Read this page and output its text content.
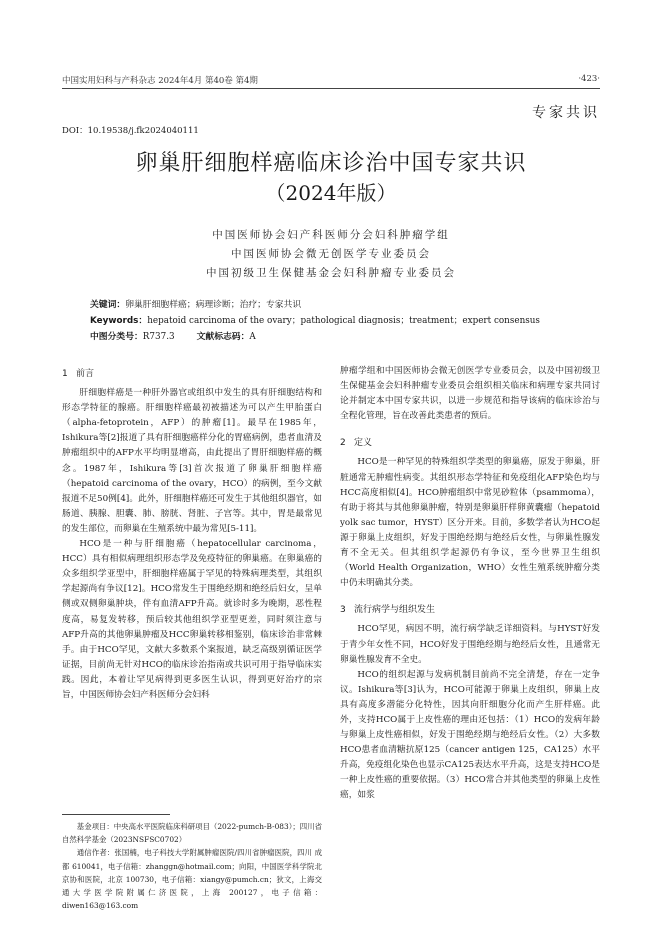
中国实用妇科与产科杂志 2024年4月 第40卷 第4期	·423·
专家共识
DOI：10.19538/j.fk2024040111
卵巢肝细胞样癌临床诊治中国专家共识
（2024年版）
中国医师协会妇产科医师分会妇科肿瘤学组
中国医师协会微无创医学专业委员会
中国初级卫生保健基金会妇科肿瘤专业委员会
关键词：卵巢肝细胞样癌；病理诊断；治疗；专家共识
Keywords：hepatoid carcinoma of the ovary；pathological diagnosis；treatment；expert consensus
中图分类号：R737.3	文献标志码：A
1 前言

肝细胞样癌是一种肝外器官或组织中发生的具有肝细胞结构和形态学特征的腺癌。肝细胞样癌最初被描述为可以产生甲胎蛋白（alpha-fetoprotein，AFP）的肿瘤[1]。最早在1985年，Ishikura等[2]报道了具有肝细胞癌样分化的胃癌病例，患者血清及肿瘤组织中的AFP水平均明显增高，由此提出了胃肝细胞样癌的概念。1987年，Ishikura等[3]首次报道了卵巢肝细胞样癌（hepatoid carcinoma of the ovary，HCO）的病例，至今文献报道不足50例[4]。此外，肝细胞样癌还可发生于其他组织器官，如肠道、胰腺、胆囊、肺、膀胱、肾脏、子宫等。其中，胃是最常见的发生部位，而卵巢在生殖系统中最为常见[5-11]。

HCO是一种与肝细胞癌（hepatocellular carcinoma，HCC）具有相似病理组织形态学及免疫特征的卵巢癌。在卵巢癌的众多组织学亚型中，肝细胞样癌属于罕见的特殊病理类型，其组织学起源尚有争议[12]。HCO常发生于围绝经期和绝经后妇女，呈单侧或双侧卵巢肿块，伴有血清AFP升高。就诊时多为晚期，恶性程度高，易复发转移，预后较其他组织学亚型更差，同时须注意与AFP升高的其他卵巢肿瘤及HCC卵巢转移相鉴别，临床诊治非常棘手。由于HCO罕见，文献大多数系个案报道，缺乏高级别循证医学证据，目前尚无针对HCO的临床诊治指南或共识可用于指导临床实践。因此，本着让罕见病得到更多医生认识，得到更好治疗的宗旨，中国医师协会妇产科医师分会妇科

肿瘤学组和中国医师协会微无创医学专业委员会，以及中国初级卫生保健基金会妇科肿瘤专业委员会组织相关临床和病理专家共同讨论并制定本中国专家共识，以进一步规范和指导该病的临床诊治与全程化管理，旨在改善此类患者的预后。

2 定义

HCO是一种罕见的特殊组织学类型的卵巢癌，原发于卵巢，肝脏通常无肿瘤性病变。其组织形态学特征和免疫组化AFP染色均与HCC高度相似[4]。HCO肿瘤组织中常见砂粒体（psammoma），有助于将其与其他卵巢肿瘤，特别是卵巢肝样卵黄囊瘤（hepatoid yolk sac tumor，HYST）区分开来。目前，多数学者认为HCO起源于卵巢上皮组织，好发于围绝经期与绝经后女性，与卵巢性腺发育不全无关。但其组织学起源仍有争议，至今世界卫生组织（World Health Organization，WHO）女性生殖系统肿瘤分类中仍未明确其分类。

3 流行病学与组织发生

HCO罕见，病因不明，流行病学缺乏详细资料。与HYST好发于青少年女性不同，HCO好发于围绝经期与绝经后女性，且通常无卵巢性腺发育不全史。

HCO的组织起源与发病机制目前尚不完全清楚，存在一定争议。Ishikura等[3]认为，HCO可能源于卵巢上皮组织，卵巢上皮具有高度多潜能分化特性，因其向肝细胞分化而产生肝样癌。此外，支持HCO属于上皮性癌的理由还包括：（1）HCO的发病年龄与卵巢上皮性癌相似，好发于围绝经期与绝经后女性。（2）大多数HCO患者血清糖抗原125（cancer antigen 125，CA125）水平升高，免疫组化染色也显示CA125表达水平升高，这是支持HCO是一种上皮性癌的重要依据。（3）HCO常合并其他类型的卵巢上皮性癌，如浆

基金项目：中央高水平医院临床科研项目（2022-pumch-B-083）；四川省自然科学基金（2023NSFSC0702）

通信作者：张国楠，电子科技大学附属肿瘤医院/四川省肿瘤医院，四川 成都 610041，电子信箱：zhanggn@hotmail.com；向阳，中国医学科学院北京协和医院，北京 100730，电子信箱：xiangy@pumch.cn；狄文，上海交通大学医学院附属仁济医院，上海 200127，电子信箱：diwen163@163.com
